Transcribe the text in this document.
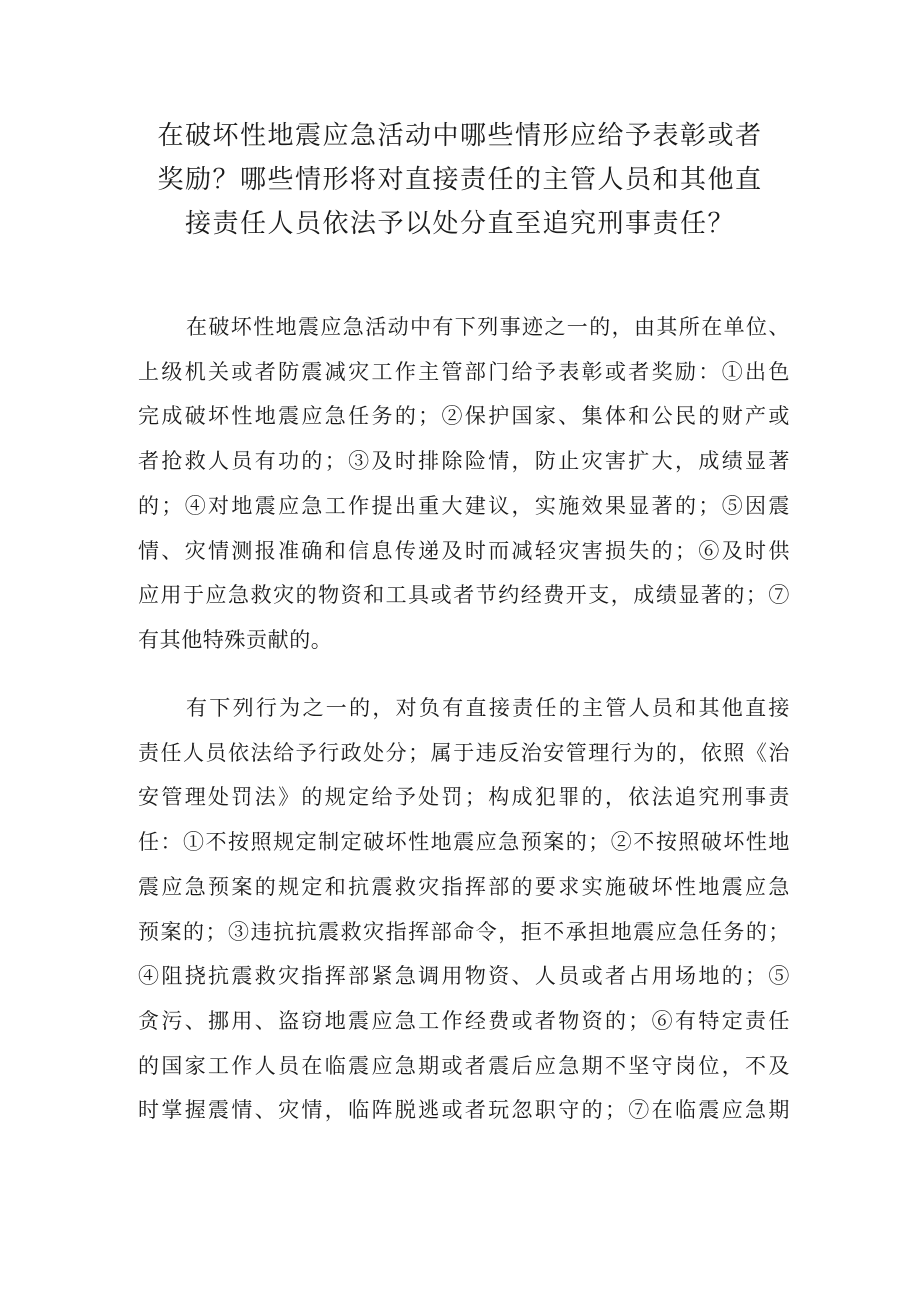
在破坏性地震应急活动中哪些情形应给予表彰或者
奖励？哪些情形将对直接责任的主管人员和其他直
接责任人员依法予以处分直至追究刑事责任？
在破坏性地震应急活动中有下列事迹之一的，由其所在单位、
上级机关或者防震减灾工作主管部门给予表彰或者奖励：①出色
完成破坏性地震应急任务的；②保护国家、集体和公民的财产或
者抢救人员有功的；③及时排除险情，防止灾害扩大，成绩显著
的；④对地震应急工作提出重大建议，实施效果显著的；⑤因震
情、灾情测报准确和信息传递及时而减轻灾害损失的；⑥及时供
应用于应急救灾的物资和工具或者节约经费开支，成绩显著的；⑦
有其他特殊贡献的。
有下列行为之一的，对负有直接责任的主管人员和其他直接
责任人员依法给予行政处分；属于违反治安管理行为的，依照《治
安管理处罚法》的规定给予处罚；构成犯罪的，依法追究刑事责
任：①不按照规定制定破坏性地震应急预案的；②不按照破坏性地
震应急预案的规定和抗震救灾指挥部的要求实施破坏性地震应急
预案的；③违抗抗震救灾指挥部命令，拒不承担地震应急任务的；
④阻挠抗震救灾指挥部紧急调用物资、人员或者占用场地的；⑤
贪污、挪用、盗窃地震应急工作经费或者物资的；⑥有特定责任
的国家工作人员在临震应急期或者震后应急期不坚守岗位，不及
时掌握震情、灾情，临阵脱逃或者玩忽职守的；⑦在临震应急期
